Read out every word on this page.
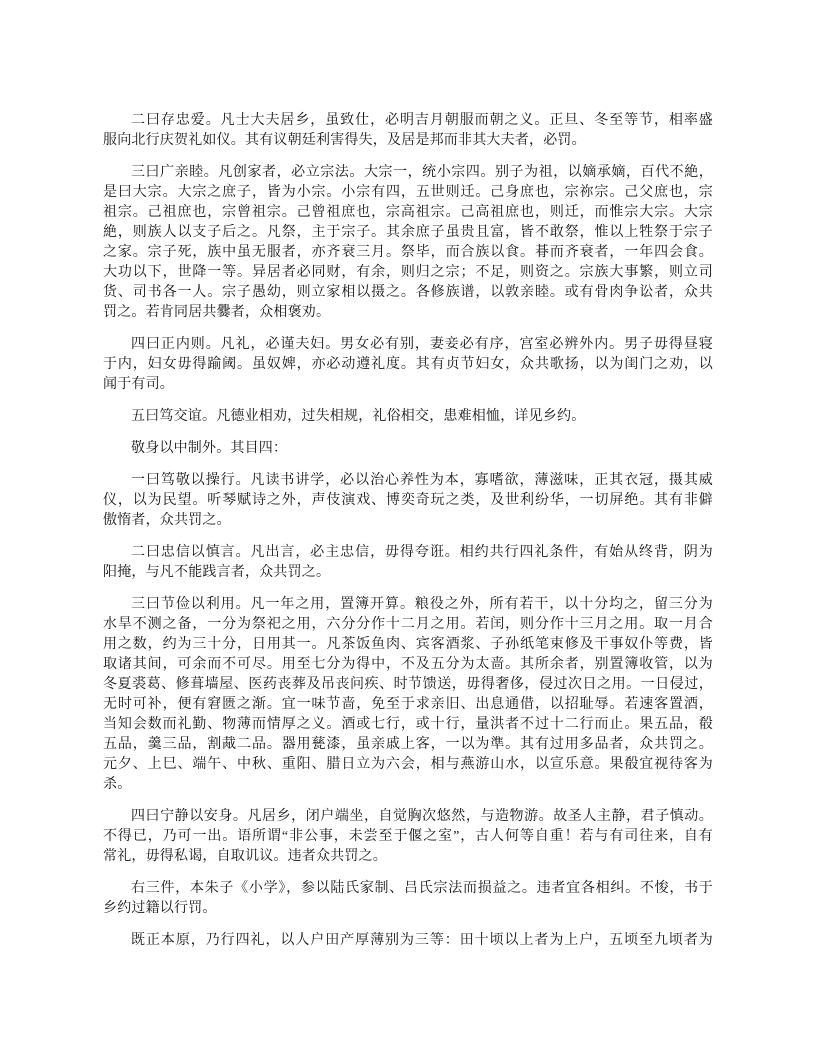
二曰存忠爱。凡士大夫居乡，虽致仕，必明吉月朝服而朝之义。正旦、冬至等节，相率盛
服向北行庆贺礼如仪。其有议朝廷利害得失，及居是邦而非其大夫者，必罚。
三曰广亲睦。凡创家者，必立宗法。大宗一，统小宗四。别子为祖，以嫡承嫡，百代不絶，
是曰大宗。大宗之庶子，皆为小宗。小宗有四，五世则迁。己身庶也，宗祢宗。己父庶也，宗
祖宗。己祖庶也，宗曾祖宗。己曾祖庶也，宗高祖宗。己高祖庶也，则迁，而惟宗大宗。大宗
絶，则族人以支子后之。凡祭，主于宗子。其余庶子虽贵且富，皆不敢祭，惟以上牲祭于宗子
之家。宗子死，族中虽无服者，亦齐衰三月。祭毕，而合族以食。朞而齐衰者，一年四会食。
大功以下，世降一等。异居者必同财，有余，则归之宗；不足，则资之。宗族大事繁，则立司
货、司书各一人。宗子愚幼，则立家相以摄之。各修族谱，以敦亲睦。或有骨肉争讼者，众共
罚之。若肯同居共爨者，众相褒劝。
四曰正内则。凡礼，必谨夫妇。男女必有别，妻妾必有序，宫室必辨外内。男子毋得昼寝
于内，妇女毋得踰阈。虽奴婢，亦必动遵礼度。其有贞节妇女，众共歌扬，以为闺门之劝，以
闻于有司。
五曰笃交谊。凡德业相劝，过失相规，礼俗相交，患难相恤，详见乡约。
敬身以中制外。其目四：
一曰笃敬以操行。凡读书讲学，必以治心养性为本，寡嗜欲，薄滋味，正其衣冠，摄其威
仪，以为民望。听琴赋诗之外，声伎演戏、博奕奇玩之类，及世利纷华，一切屏绝。其有非僻
傲惰者，众共罚之。
二曰忠信以慎言。凡出言，必主忠信，毋得夸诳。相约共行四礼条件，有始从终背，阴为
阳掩，与凡不能践言者，众共罚之。
三曰节俭以利用。凡一年之用，置簿开算。粮役之外，所有若干，以十分均之，留三分为
水旱不测之备，一分为祭祀之用，六分分作十二月之用。若闰，则分作十三月之用。取一月合
用之数，约为三十分，日用其一。凡茶饭鱼肉、宾客酒浆、子孙纸笔束修及干事奴仆等费，皆
取诸其间，可余而不可尽。用至七分为得中，不及五分为太啬。其所余者，别置簿收管，以为
冬夏裘葛、修葺墙屋、医药丧葬及吊丧问疾、时节馈送，毋得奢侈，侵过次日之用。一日侵过，
无时可补，便有窘匮之渐。宜一味节啬，免至于求亲旧、出息通借，以招耻辱。若速客置酒，
当知会数而礼勤、物薄而情厚之义。酒或七行，或十行，量洪者不过十二行而止。果五品，殽
五品，羹三品，割胾二品。器用甆漆，虽亲戚上客，一以为準。其有过用多品者，众共罚之。
元夕、上巳、端午、中秋、重阳、腊日立为六会，相与燕游山水，以宣乐意。果殽宜视待客为
杀。
四曰宁静以安身。凡居乡，闭户端坐，自觉胸次悠然，与造物游。故圣人主静，君子慎动。
不得已，乃可一出。语所谓“非公事，未尝至于偃之室”，古人何等自重！若与有司往来，自有
常礼，毋得私谒，自取讥议。违者众共罚之。
右三件，本朱子《小学》，参以陆氏家制、吕氏宗法而损益之。违者宜各相纠。不悛，书于
乡约过籍以行罚。
既正本原，乃行四礼，以人户田产厚薄别为三等：田十顷以上者为上户，五顷至九顷者为
